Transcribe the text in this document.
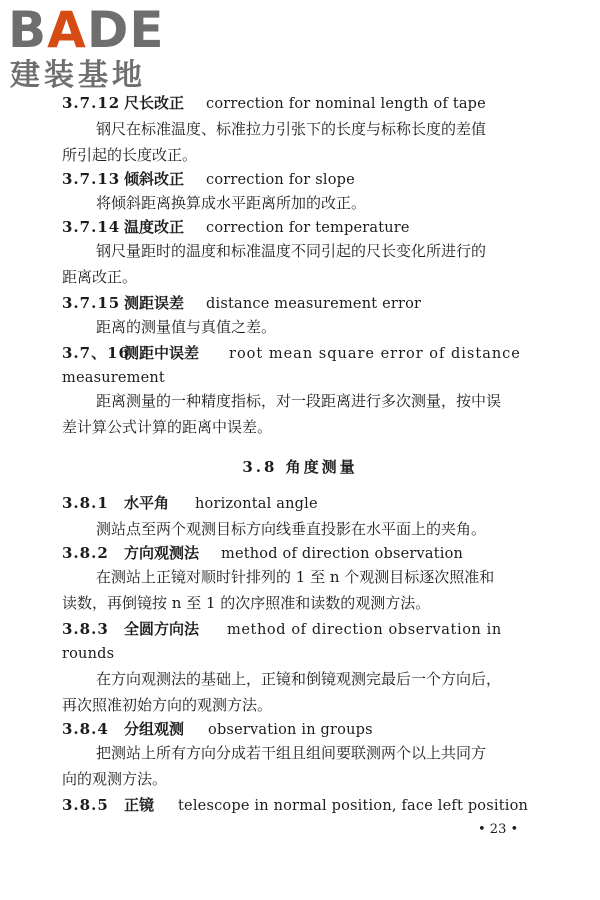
BADE
建装基地
3.7.12 尺长改正 correction for nominal length of tape
钢尺在标准温度、标准拉力引张下的长度与标称长度的差值
所引起的长度改正。
3.7.13 倾斜改正 correction for slope
将倾斜距离换算成水平距离所加的改正。
3.7.14 温度改正 correction for temperature
钢尺量距时的温度和标准温度不同引起的尺长变化所进行的
距离改正。
3.7.15 测距误差 distance measurement error
距离的测量值与真值之差。
3.7、16测距中误差 root mean square error of distance
measurement
距离测量的一种精度指标，对一段距离进行多次测量，按中误
差计算公式计算的距离中误差。
3.8 角度测量
3.8.1 水平角 horizontal angle
测站点至两个观测目标方向线垂直投影在水平面上的夹角。
3.8.2 方向观测法 method of direction observation
在测站上正镜对顺时针排列的 1 至 n 个观测目标逐次照准和
读数，再倒镜按 n 至 1 的次序照准和读数的观测方法。
3.8.3 全圆方向法 method of direction observation in
rounds
在方向观测法的基础上，正镜和倒镜观测完最后一个方向后，
再次照准初始方向的观测方法。
3.8.4 分组观测 observation in groups
把测站上所有方向分成若干组且组间要联测两个以上共同方
向的观测方法。
3.8.5 正镜 telescope in normal position, face left position
• 23 •
